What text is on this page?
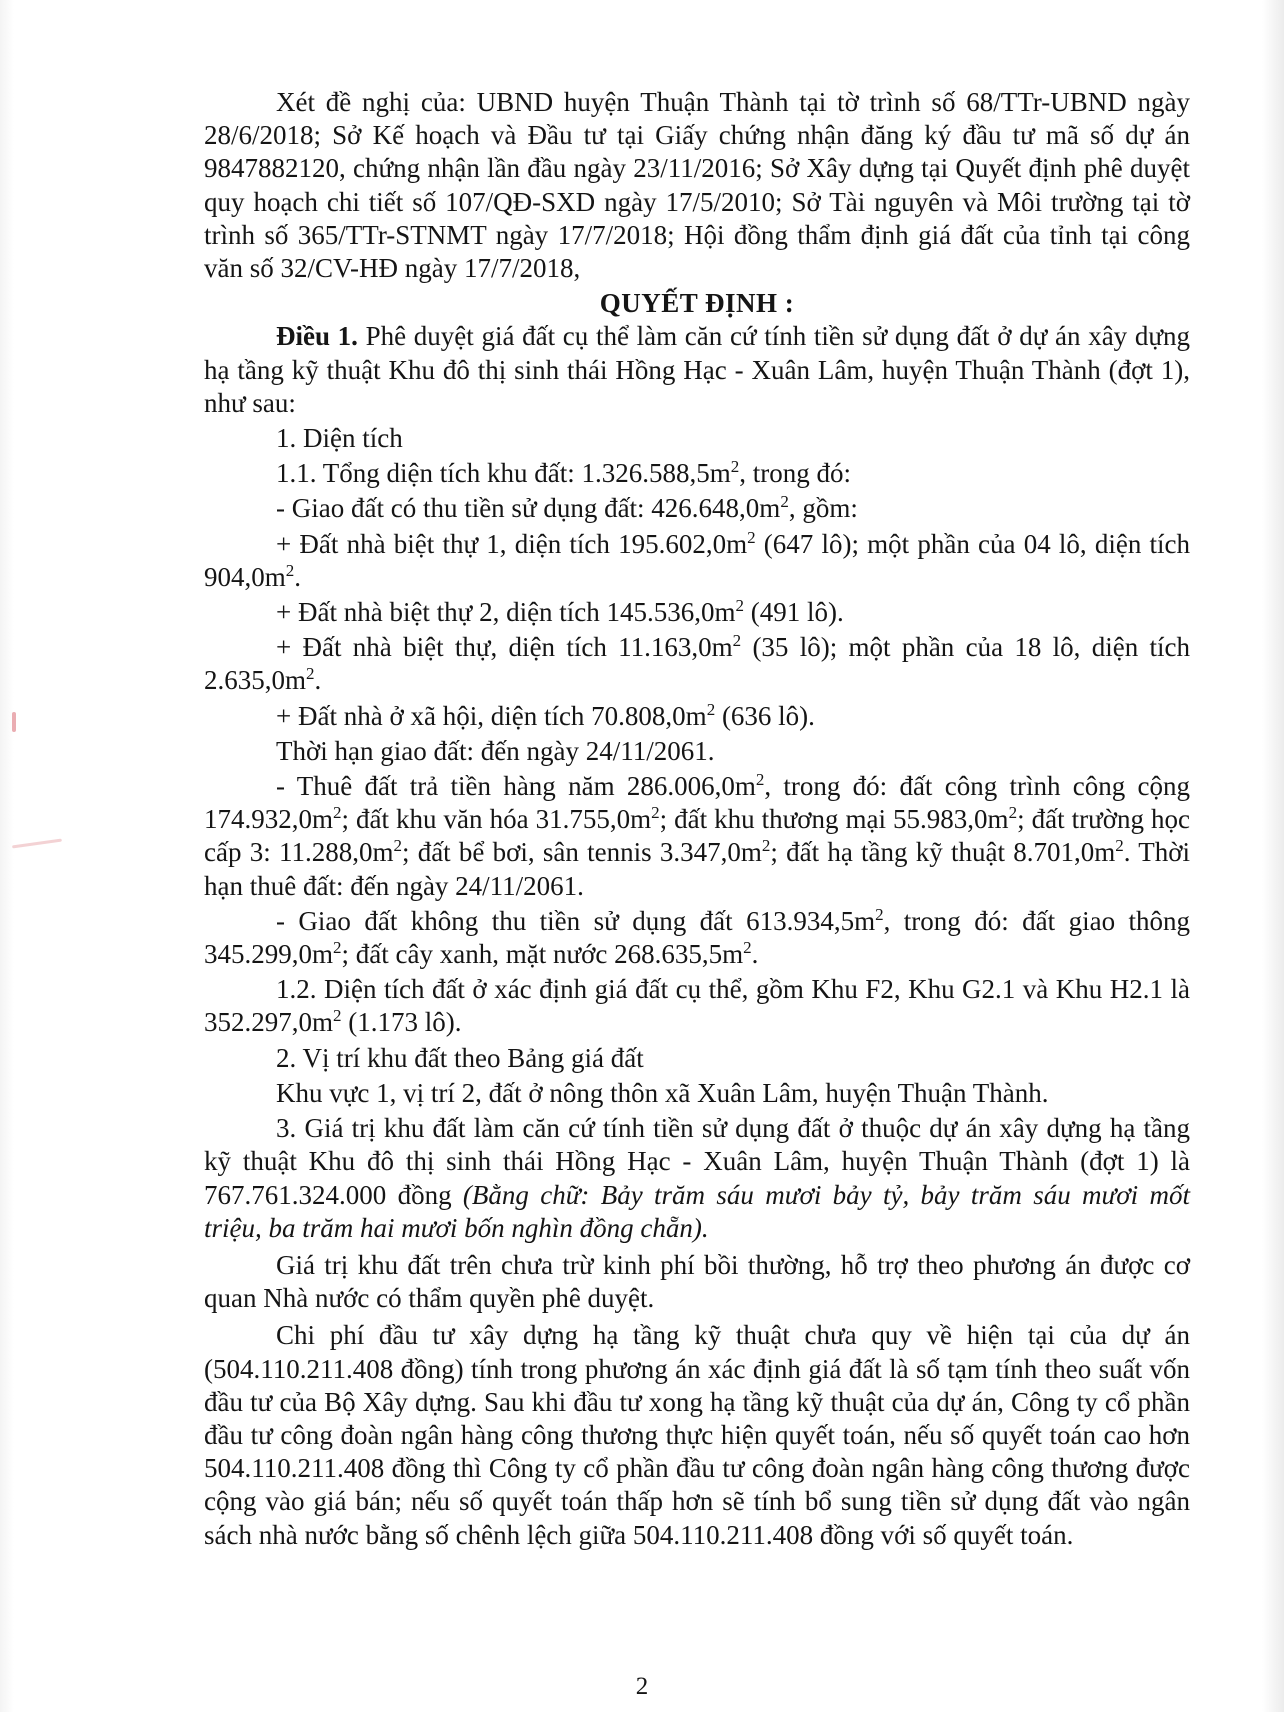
Xét đề nghị của: UBND huyện Thuận Thành tại tờ trình số 68/TTr-UBND ngày 28/6/2018; Sở Kế hoạch và Đầu tư tại Giấy chứng nhận đăng ký đầu tư mã số dự án 9847882120, chứng nhận lần đầu ngày 23/11/2016; Sở Xây dựng tại Quyết định phê duyệt quy hoạch chi tiết số 107/QĐ-SXD ngày 17/5/2010; Sở Tài nguyên và Môi trường tại tờ trình số 365/TTr-STNMT ngày 17/7/2018; Hội đồng thẩm định giá đất của tỉnh tại công văn số 32/CV-HĐ ngày 17/7/2018,

QUYẾT ĐỊNH :

Điều 1. Phê duyệt giá đất cụ thể làm căn cứ tính tiền sử dụng đất ở dự án xây dựng hạ tầng kỹ thuật Khu đô thị sinh thái Hồng Hạc - Xuân Lâm, huyện Thuận Thành (đợt 1), như sau:

1. Diện tích

1.1. Tổng diện tích khu đất: $1.326.588,5m^2$, trong đó:

- Giao đất có thu tiền sử dụng đất: $426.648,0m^2$, gồm:

+ Đất nhà biệt thự 1, diện tích $195.602,0m^2$ (647 lô); một phần của 04 lô, diện tích $904,0m^2$.

+ Đất nhà biệt thự 2, diện tích $145.536,0m^2$ (491 lô).

+ Đất nhà biệt thự, diện tích $11.163,0m^2$ (35 lô); một phần của 18 lô, diện tích $2.635,0m^2$.

+ Đất nhà ở xã hội, diện tích $70.808,0m^2$ (636 lô).

Thời hạn giao đất: đến ngày 24/11/2061.

- Thuê đất trả tiền hàng năm $286.006,0m^2$, trong đó: đất công trình công cộng $174.932,0m^2$; đất khu văn hóa $31.755,0m^2$; đất khu thương mại $55.983,0m^2$; đất trường học cấp 3: $11.288,0m^2$; đất bể bơi, sân tennis $3.347,0m^2$; đất hạ tầng kỹ thuật $8.701,0m^2$. Thời hạn thuê đất: đến ngày 24/11/2061.

- Giao đất không thu tiền sử dụng đất $613.934,5m^2$, trong đó: đất giao thông $345.299,0m^2$; đất cây xanh, mặt nước $268.635,5m^2$.

1.2. Diện tích đất ở xác định giá đất cụ thể, gồm Khu F2, Khu G2.1 và Khu H2.1 là $352.297,0m^2$ (1.173 lô).

2. Vị trí khu đất theo Bảng giá đất

Khu vực 1, vị trí 2, đất ở nông thôn xã Xuân Lâm, huyện Thuận Thành.

3. Giá trị khu đất làm căn cứ tính tiền sử dụng đất ở thuộc dự án xây dựng hạ tầng kỹ thuật Khu đô thị sinh thái Hồng Hạc - Xuân Lâm, huyện Thuận Thành (đợt 1) là 767.761.324.000 đồng (Bằng chữ: Bảy trăm sáu mươi bảy tỷ, bảy trăm sáu mươi mốt triệu, ba trăm hai mươi bốn nghìn đồng chẵn).

Giá trị khu đất trên chưa trừ kinh phí bồi thường, hỗ trợ theo phương án được cơ quan Nhà nước có thẩm quyền phê duyệt.

Chi phí đầu tư xây dựng hạ tầng kỹ thuật chưa quy về hiện tại của dự án (504.110.211.408 đồng) tính trong phương án xác định giá đất là số tạm tính theo suất vốn đầu tư của Bộ Xây dựng. Sau khi đầu tư xong hạ tầng kỹ thuật của dự án, Công ty cổ phần đầu tư công đoàn ngân hàng công thương thực hiện quyết toán, nếu số quyết toán cao hơn 504.110.211.408 đồng thì Công ty cổ phần đầu tư công đoàn ngân hàng công thương được cộng vào giá bán; nếu số quyết toán thấp hơn sẽ tính bổ sung tiền sử dụng đất vào ngân sách nhà nước bằng số chênh lệch giữa 504.110.211.408 đồng với số quyết toán.

2
